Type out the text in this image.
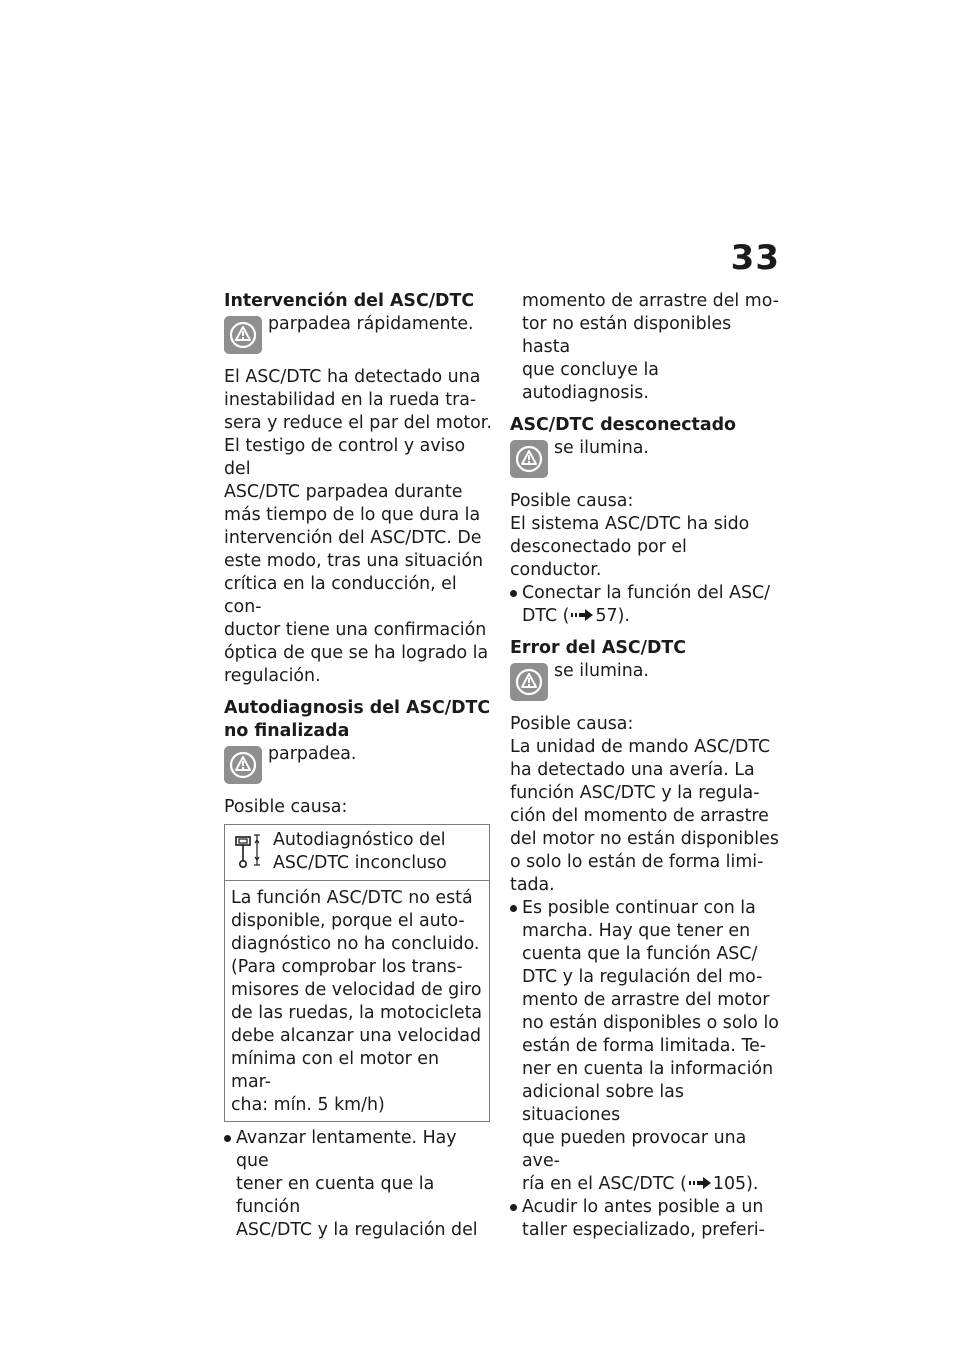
33

Intervención del ASC/DTC

parpadea rápidamente.

El ASC/DTC ha detectado una

inestabilidad en la rueda tra-

sera y reduce el par del motor.

El testigo de control y aviso del

ASC/DTC parpadea durante

más tiempo de lo que dura la

intervención del ASC/DTC. De

este modo, tras una situación

crítica en la conducción, el con-

ductor tiene una confirmación

óptica de que se ha logrado la

regulación.

Autodiagnosis del ASC/DTC

no finalizada

parpadea.

Posible causa:

Autodiagnóstico del
ASC/DTC inconcluso
La función ASC/DTC no está
disponible, porque el auto-
diagnóstico no ha concluido.
(Para comprobar los trans-
misores de velocidad de giro
de las ruedas, la motocicleta
debe alcanzar una velocidad
mínima con el motor en mar-
cha: mín. 5 km/h)
Avanzar lentamente. Hay que
tener en cuenta que la función
ASC/DTC y la regulación del
momento de arrastre del mo-
tor no están disponibles hasta
que concluye la autodiagnosis.

ASC/DTC desconectado

se ilumina.

Posible causa:

El sistema ASC/DTC ha sido

desconectado por el conductor.

Conectar la función del ASC/
DTC ( 57).

Error del ASC/DTC

se ilumina.

Posible causa:

La unidad de mando ASC/DTC

ha detectado una avería. La

función ASC/DTC y la regula-

ción del momento de arrastre

del motor no están disponibles

o solo lo están de forma limi-

tada.

Es posible continuar con la
marcha. Hay que tener en
cuenta que la función ASC/
DTC y la regulación del mo-
mento de arrastre del motor
no están disponibles o solo lo
están de forma limitada. Te-
ner en cuenta la información
adicional sobre las situaciones
que pueden provocar una ave-
ría en el ASC/DTC ( 105).
Acudir lo antes posible a un
taller especializado, preferi-
